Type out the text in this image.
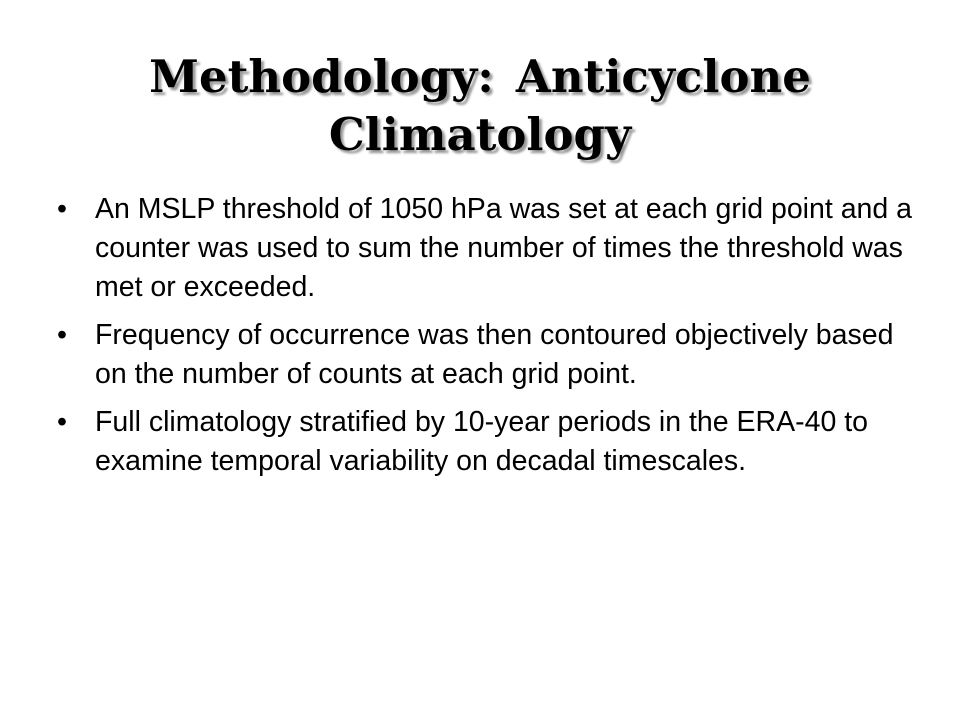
Methodology: Anticyclone
Climatology
• An MSLP threshold of 1050 hPa was set at each grid point and a counter was used to sum the number of times the threshold was met or exceeded.
• Frequency of occurrence was then contoured objectively based on the number of counts at each grid point.
• Full climatology stratified by 10-year periods in the ERA-40 to examine temporal variability on decadal timescales.
